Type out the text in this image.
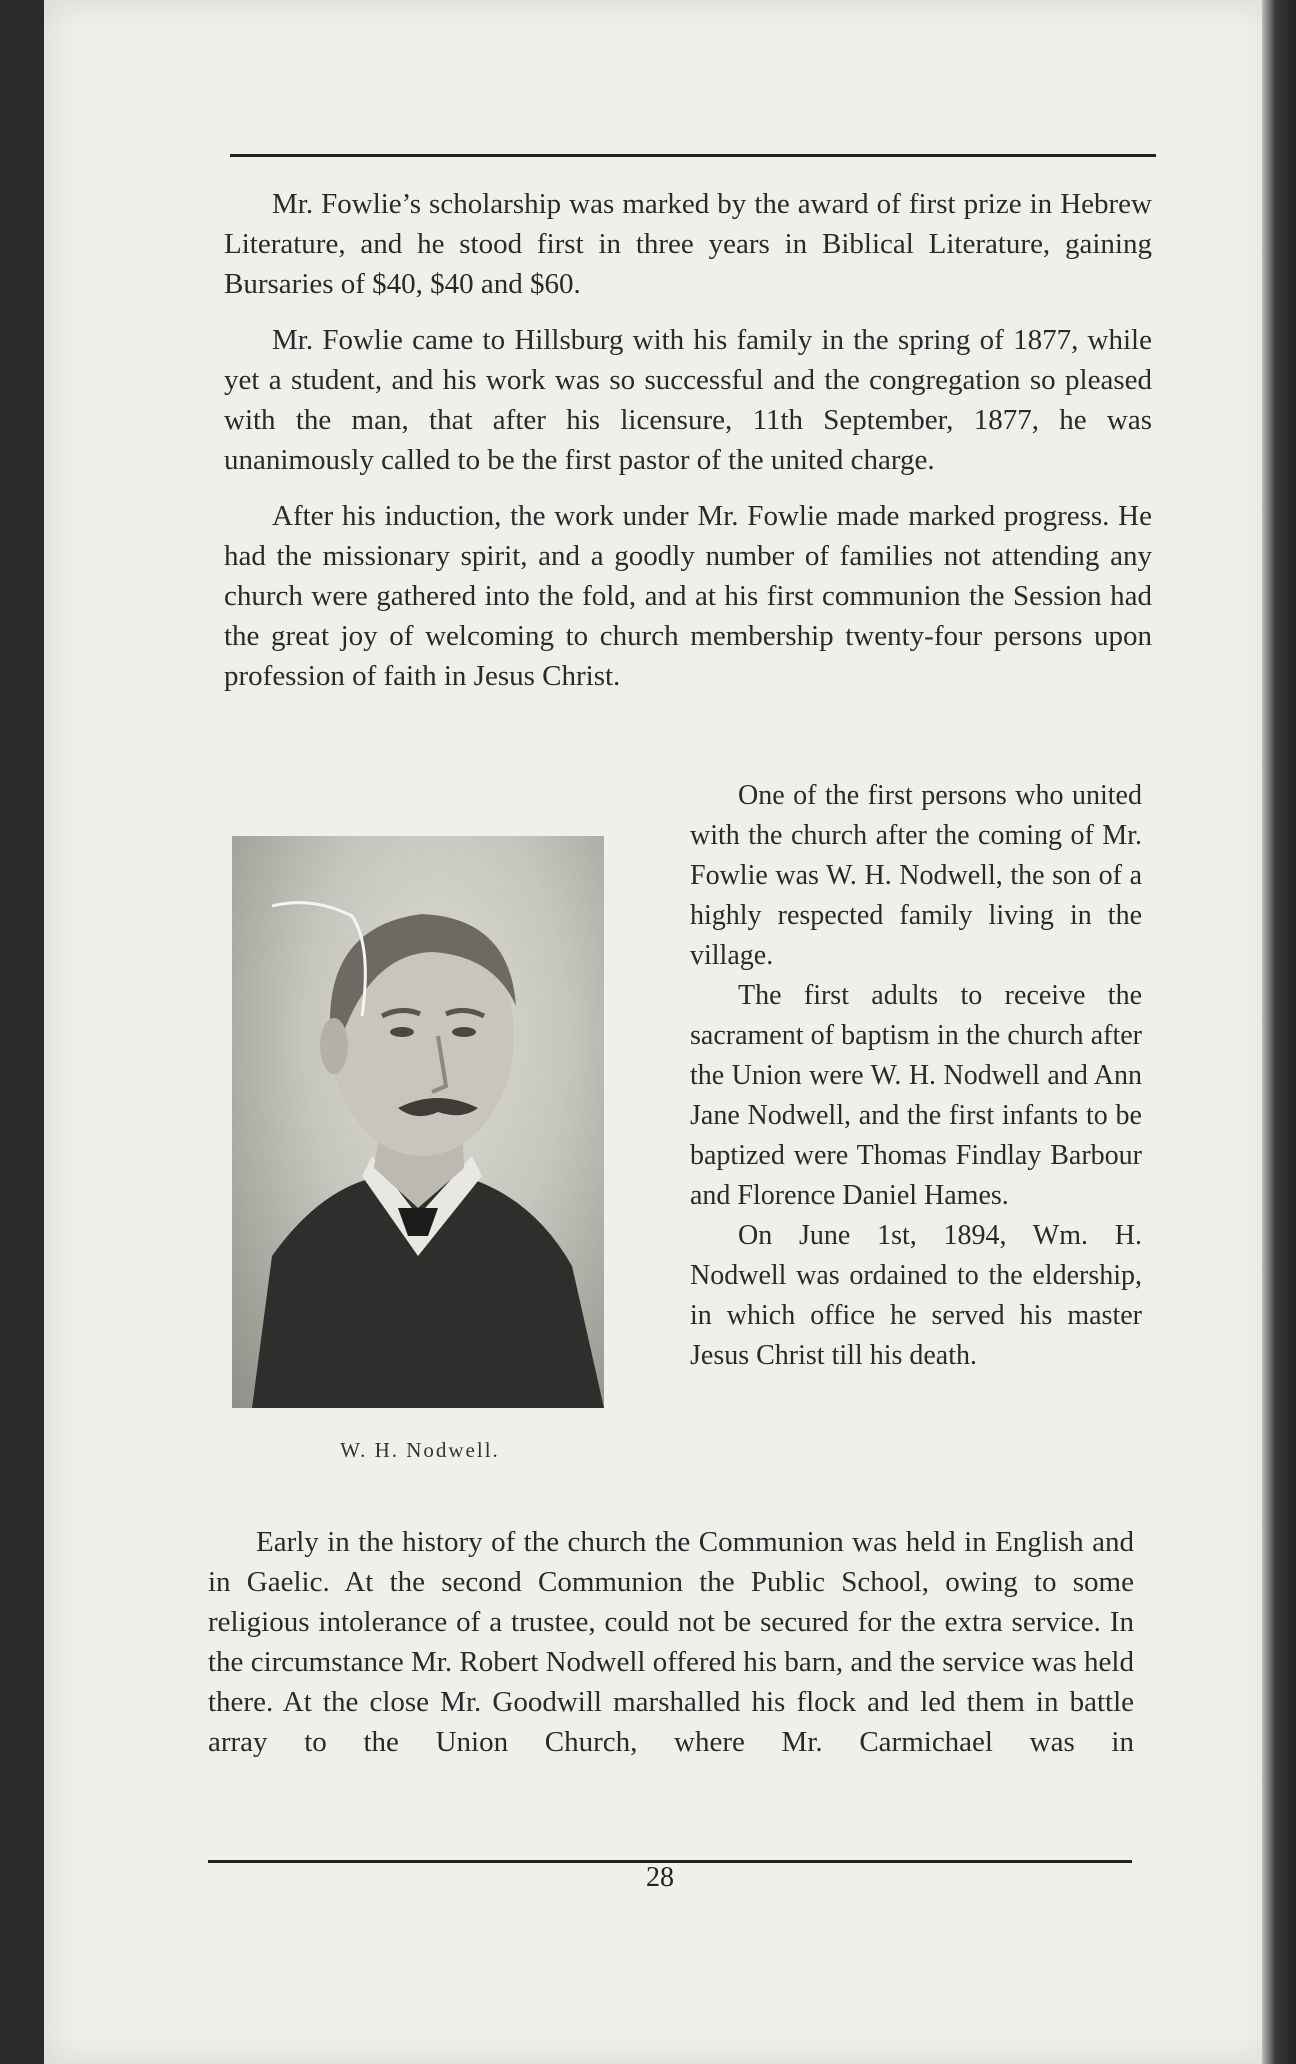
Mr. Fowlie’s scholarship was marked by the award of first prize in Hebrew Literature, and he stood first in three years in Biblical Literature, gaining Bursaries of $40, $40 and $60.

Mr. Fowlie came to Hillsburg with his family in the spring of 1877, while yet a student, and his work was so successful and the congregation so pleased with the man, that after his licensure, 11th September, 1877, he was unanimously called to be the first pastor of the united charge.

After his induction, the work under Mr. Fowlie made marked progress. He had the missionary spirit, and a goodly number of families not attending any church were gathered into the fold, and at his first communion the Session had the great joy of welcoming to church membership twenty-four persons upon profession of faith in Jesus Christ.

W. H. Nodwell.

One of the first persons who united with the church after the coming of Mr. Fowlie was W. H. Nodwell, the son of a highly respected family living in the village.

The first adults to receive the sacrament of baptism in the church after the Union were W. H. Nodwell and Ann Jane Nodwell, and the first infants to be baptized were Thomas Findlay Barbour and Florence Daniel Hames.

On June 1st, 1894, Wm. H. Nodwell was ordained to the eldership, in which office he served his master Jesus Christ till his death.

Early in the history of the church the Communion was held in English and in Gaelic. At the second Communion the Public School, owing to some religious intolerance of a trustee, could not be secured for the extra service. In the circumstance Mr. Robert Nodwell offered his barn, and the service was held there. At the close Mr. Goodwill marshalled his flock and led them in battle array to the Union Church, where Mr. Carmichael was in

28
